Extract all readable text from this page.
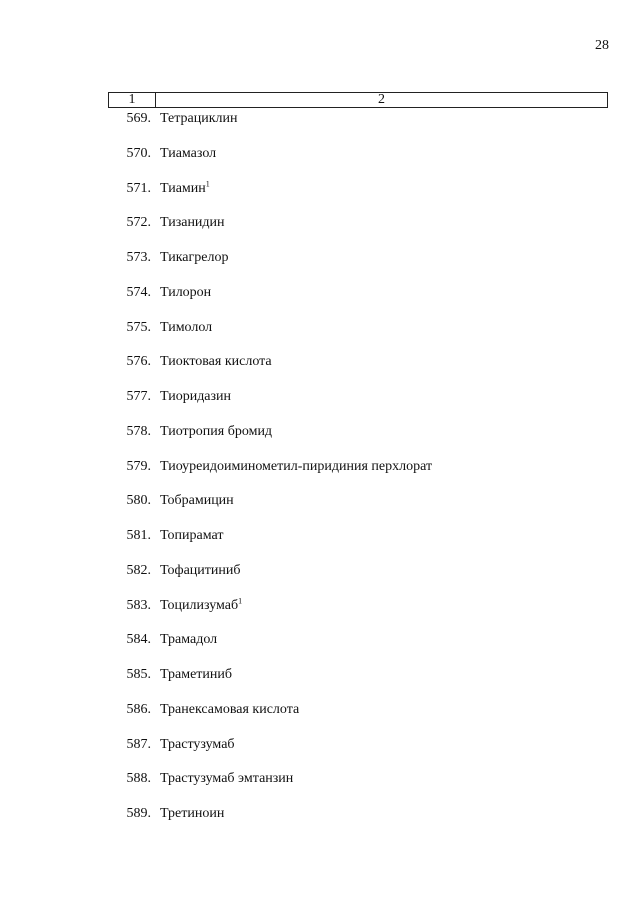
28
1	2
569. Тетрациклин
570. Тиамазол
571. Тиамин$^1$
572. Тизанидин
573. Тикагрелор
574. Тилорон
575. Тимолол
576. Тиоктовая кислота
577. Тиоридазин
578. Тиотропия бромид
579. Тиоуреидоиминометил-пиридиния перхлорат
580. Тобрамицин
581. Топирамат
582. Тофацитиниб
583. Тоцилизумаб$^1$
584. Трамадол
585. Траметиниб
586. Транексамовая кислота
587. Трастузумаб
588. Трастузумаб эмтанзин
589. Третиноин
